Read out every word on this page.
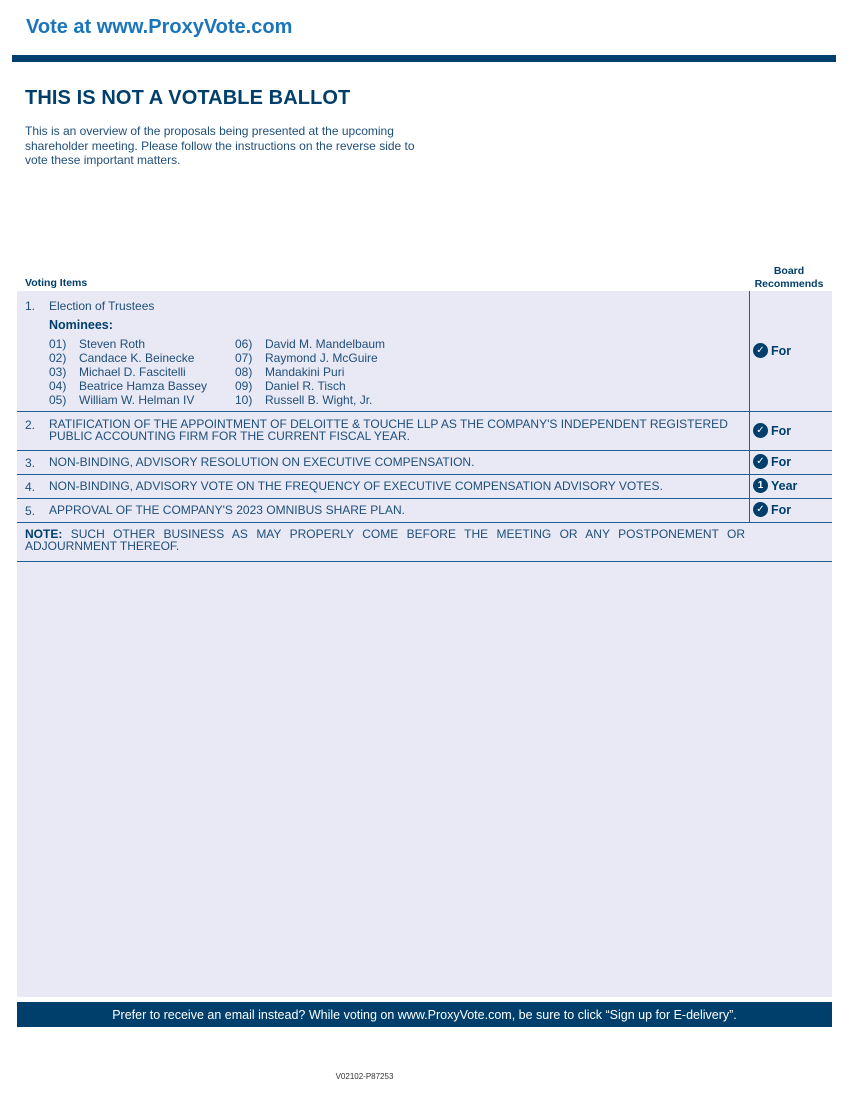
Vote at www.ProxyVote.com
THIS IS NOT A VOTABLE BALLOT
This is an overview of the proposals being presented at the upcoming shareholder meeting. Please follow the instructions on the reverse side to vote these important matters.
Voting Items
Board
Recommends
1. Election of Trustees
Nominees:
01) Steven Roth
02) Candace K. Beinecke
03) Michael D. Fascitelli
04) Beatrice Hamza Bassey
05) William W. Helman IV
06) David M. Mandelbaum
07) Raymond J. McGuire
08) Mandakini Puri
09) Daniel R. Tisch
10) Russell B. Wight, Jr.
✓ For
2. RATIFICATION OF THE APPOINTMENT OF DELOITTE & TOUCHE LLP AS THE COMPANY'S INDEPENDENT REGISTERED PUBLIC ACCOUNTING FIRM FOR THE CURRENT FISCAL YEAR.	✓ For
3. NON-BINDING, ADVISORY RESOLUTION ON EXECUTIVE COMPENSATION.	✓ For
4. NON-BINDING, ADVISORY VOTE ON THE FREQUENCY OF EXECUTIVE COMPENSATION ADVISORY VOTES.	1 Year
5. APPROVAL OF THE COMPANY'S 2023 OMNIBUS SHARE PLAN.	✓ For
NOTE: SUCH OTHER BUSINESS AS MAY PROPERLY COME BEFORE THE MEETING OR ANY POSTPONEMENT OR ADJOURNMENT THEREOF.
Prefer to receive an email instead? While voting on www.ProxyVote.com, be sure to click “Sign up for E-delivery”.
V02102-P87253
